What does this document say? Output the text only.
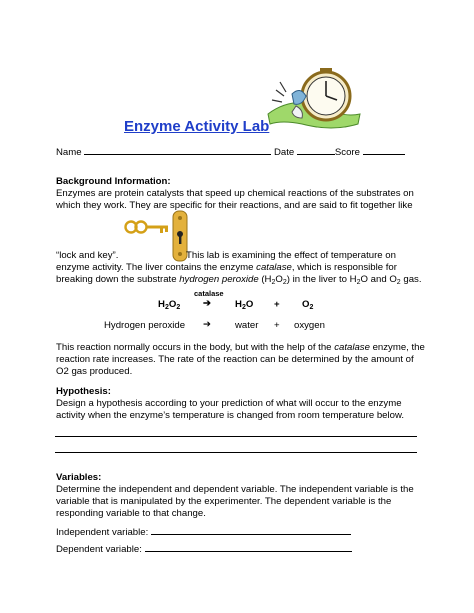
Enzyme Activity Lab
Name	Date	Score
Background Information:
Enzymes are protein catalysts that speed up chemical reactions of the substrates on
which they work. They are specific for their reactions, and are said to fit together like
“lock and key”.	This lab is examining the effect of temperature on
enzyme activity. The liver contains the enzyme catalase, which is responsible for
breaking down the substrate hydrogen peroxide $(H_2O_2)$ in the liver to $H_2O$ and $O_2$ gas.
catalase
$H_2O_2$ ➔ $H_2O + O_2$
Hydrogen peroxide ➔ water + oxygen
This reaction normally occurs in the body, but with the help of the catalase enzyme, the
reaction rate increases. The rate of the reaction can be determined by the amount of
O2 gas produced.
Hypothesis:
Design a hypothesis according to your prediction of what will occur to the enzyme
activity when the enzyme’s temperature is changed from room temperature below.
Variables:
Determine the independent and dependent variable. The independent variable is the
variable that is manipulated by the experimenter. The dependent variable is the
responding variable to that change.
Independent variable:
Dependent variable:
